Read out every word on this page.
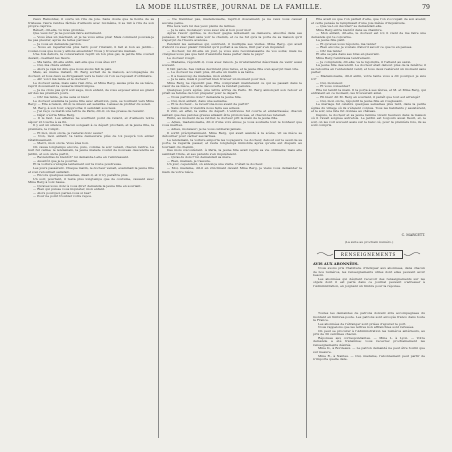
LA MODE ILLUSTRÉE, JOURNAL DE LA FAMILLE.	79

rieux Ramontaz, il ouvre un rire de joie. Sans doute que la honte de sa tristesse l'aura rendue fâchée d'ailleurs avec lui-même, il se mit à rire de son propre caprice.

Bébert, dit-elle, tu m'as grondée.

Que veux-tu? Je ne pouvais faire autrement.

— Vous êtes un méchant, et je ne vous aime plus! Mais comment pouvais-je ne pas pleurer, après de telles paroles?

— Je vous en demande pardon.

— Nous en reparlerons plus tard; pour l'instant, il fait si bon au jardin... voulez-vous que nous y allions ensemble? Nous y trouverons maman.

Une fois dehors, la conversation reprit un ton plus gai, la petite fille courait devant, cueillant les fleurs.

— Ma tante, dit-elle enfin, sait-elle que vous êtes ici?

— Oui, ma chère enfant.

— Alors je vais lui dire que nous avons fait la paix.

Mais, au même instant, M. Berg sortait de la maison, accompagnée du docteur, et tous deux se dirigeaient vers le banc où l'on se reposait d'ordinaire.

— Ah! voici ma tante et le docteur!

Le docteur salua, mais sans rien dire, et Mme Berg, assise près de sa nièce, reprit doucement la causerie interrompue.

— Je ne crois pas qu'il soit sage, mon enfant, de vous exposer ainsi au grand air dès les premiers jours.

— Oh! ma tante, je me sens si bien!

Le docteur examina la jeune fille avec attention, puis, se tournant vers Mme Berg: — Elle a raison, dit-il; le mieux est sensible. Laissez-la profiter du soleil.

M. Berg, à son tour, s'approcha; il semblait soucieux.

— J'ai reçu ce matin une lettre de Paris, dit-il; on me presse de revenir.

— Déjà! s'écria Mme Berg.

— Il le faut. Les affaires ne souffrent point de retard, et d'ailleurs notre séjour ici touche à sa fin.

Il y eut un silence. Chacun songeait à ce départ prochain, et la jeune fille, la première, le rompit.

— Et moi, mon oncle, je resterai donc seule?

— Non, mon enfant; ta tante demeurera près de toi jusqu'à ton entier rétablissement.

— Merci, mon oncle. Vous êtes bon.

On causa longtemps encore, puis, comme le soir venait, chacun rentra. La nuit fut calme; le lendemain, la jeune malade voulut de nouveau descendre au jardin, et son oncle partit.

— Reviendras-tu bientôt? lui demanda-t-elle en l'embrassant.

— Aussitôt que je le pourrai.

Et la voiture s'éloigna lentement sur la route poudreuse.

Les jours passèrent. Chaque matin, le docteur venait, examinait la jeune fille et s'en retournait satisfait.

— Encore quelques semaines, disait-il, et il n'y paraîtra plus.

Un soir, pourtant, il resta plus longtemps que de coutume, causant avec Mme Berg à voix basse.

— Qu'avez-vous donc à vous dire? demanda la jeune fille en souriant.

— Rien qui puisse vous inquiéter, mon enfant.

— Alors pourquoi parlez-vous si bas?

— Pour ne point troubler votre repos.

— Ne tremblez pas, mademoiselle, reprit-il doucement; je ne veux vous causer aucune peine.

Elle leva vers lui des yeux pleins de larmes.

— Je le sais, monsieur; vous avez été si bon pour moi!

Après l'avoir quittée, le docteur gagna lentement sa demeure, absorbé dans ses pensées. Il marchait sans voir le chemin, et ce ne fut qu'à la porte de sa maison qu'il s'aperçut de l'heure avancée.

Pendant les semaines qui suivirent, il multiplia ses visites. Mme Berg, qui avait d'abord vu avec plaisir l'intérêt qu'il portait à sa nièce, finit par s'en inquiéter.

— Docteur, lui dit-elle un jour, je vous suis reconnaissante de vos soins; mais ne craignez-vous pas que tant d'assiduité fasse parler dans le pays?

Le docteur rougit.

— Madame, répondit-il, vous avez raison. Je m'abstiendrai désormais de venir aussi souvent.

Il tint parole. Ses visites devinrent plus rares, et la jeune fille s'en aperçut bien vite.

— Le docteur ne vient plus, dit-elle un matin à sa tante.

— Il a beaucoup de malades, mon enfant.

— Je le sais, mais il pourrait bien trouver un moment pour moi.

Mme Berg ne répondit pas. Elle comprenait maintenant ce qui se passait dans le cœur de sa nièce, et cette découverte la rendait pensive.

Quelques jours après, une lettre arriva de Paris. M. Berg annonçait son retour et priait sa femme de tout préparer pour le départ.

— Nous partirons donc? demanda la jeune fille.

— Oui, mon enfant, dans une semaine.

— Et le docteur... le reverrons-nous avant de partir?

— Sans doute; il viendra nous faire ses adieux.

Il vint, en effet, la veille du départ. L'entrevue fut courte et embarrassée; chacun sentait que des paroles graves allaient être prononcées, et chacun les retenait.

Enfin, au moment de se retirer, le docteur prit la main de la jeune fille.

— Adieu, mademoiselle, dit-il d'une voix émue; je vous souhaite tout le bonheur que vous méritez.

— Adieu, monsieur; je ne vous oublierai jamais.

Il sortit précipitamment. Mme Berg, qui avait assisté à la scène, vit sa nièce se détourner pour cacher ses larmes.

Le lendemain, la voiture emporta les voyageurs. Le docteur, debout sur le seuil de sa porte, la regarda passer, et resta longtemps immobile après qu'elle eut disparu au tournant du chemin.

Des mois s'écoulèrent. À Paris, la jeune fille avait repris sa vie ordinaire; mais elle semblait triste, et ses parents s'en inquiétaient.

— Qu'as-tu donc? lui demandait sa mère.

— Rien, maman, je t'assure.

Un jour, cependant, on annonça une visite. C'était le docteur.

— Moi, madame, dit-il en s'inclinant devant Mme Berg, je viens vous demander la main de votre nièce.

Elle avait su que l'on parlait d'elle, que l'on s'occupait de son avenir, et cette pensée la remplissait d'une joie mêlée d'inquiétude.

— Que va-t-on décider? se demandait-elle.

Mme Berg entra bientôt dans sa chambre.

— Mon enfant, dit-elle, le docteur est ici; il vient de me faire une demande qui te concerne.

La jeune fille pâlit.

— Et qu'avez-vous répondu, ma tante?

— Rien encore; je voulais d'abord savoir ce que tu en penses.

— Oh! ma tante!

Et elle se jeta dans ses bras en pleurant.

Mme Berg l'embrassa tendrement.

— Je comprends, dit-elle; va le rejoindre, il t'attend au salon.

La jeune fille descendit. Le docteur était debout près de la fenêtre; il se retourna en l'entendant venir, et tous deux restèrent un moment sans parler.

— Mademoiselle, dit-il enfin, votre tante vous a dit pourquoi je suis ici?

— Oui, monsieur.

— Et vous consentez?

Elle lui tendit la main. Il la porta à ses lèvres, et M. et Mme Berg, qui entraient en ce moment, les trouvèrent ainsi.

— Eh bien! dit M. Berg en souriant, il paraît que tout est arrangé?

— Oui, mon oncle, répondit la jeune fille en rougissant.

Le mariage fut célébré quelques semaines plus tard, dans la petite église du village où ils s'étaient connus. Tous les habitants y assistèrent, et le soir, une fête fut donnée au château.

Depuis, le docteur et sa jeune femme vivent heureux dans la maison où il l'avait soignée autrefois. Le jardin est toujours aussi fleuri, et, le soir, on les voit souvent assis sur le banc où, pour la première fois, ils se sont compris.

C. MARCETT.
(La suite au prochain numéro.)
RENSEIGNEMENTS
AVIS AUX ABONNÉES.

Nous avons pris l'habitude d'indiquer aux abonnées, dans chacun de nos numéros, les renseignements utiles dont elles peuvent avoir besoin.

Les abonnées qui désirent recevoir des renseignements sur les objets dont il est parlé dans ce journal peuvent s'adresser à l'Administration, en joignant un timbre pour la réponse.

Toutes les demandes de patrons doivent être accompagnées du montant en timbres-poste. Les patrons sont envoyés franco dans toute la France.

Les abonnées de l'étranger sont priées d'ajouter le port.

Nous rappelons que les lettres non affranchies sont refusées.

On peut se procurer à l'Administration les numéros antérieurs, au prix de 30 centimes chacun.

Réponses aux correspondantes. — Mme L. à Lyon. — Votre demande a été transmise; vous recevrez prochainement les renseignements désirés.

Mme D., à Bordeaux. — Le patron demandé ne peut être fourni que sur mesure.

Mme R., à Nantes. — Oui, madame, l'abonnement peut partir de n'importe quelle date.
